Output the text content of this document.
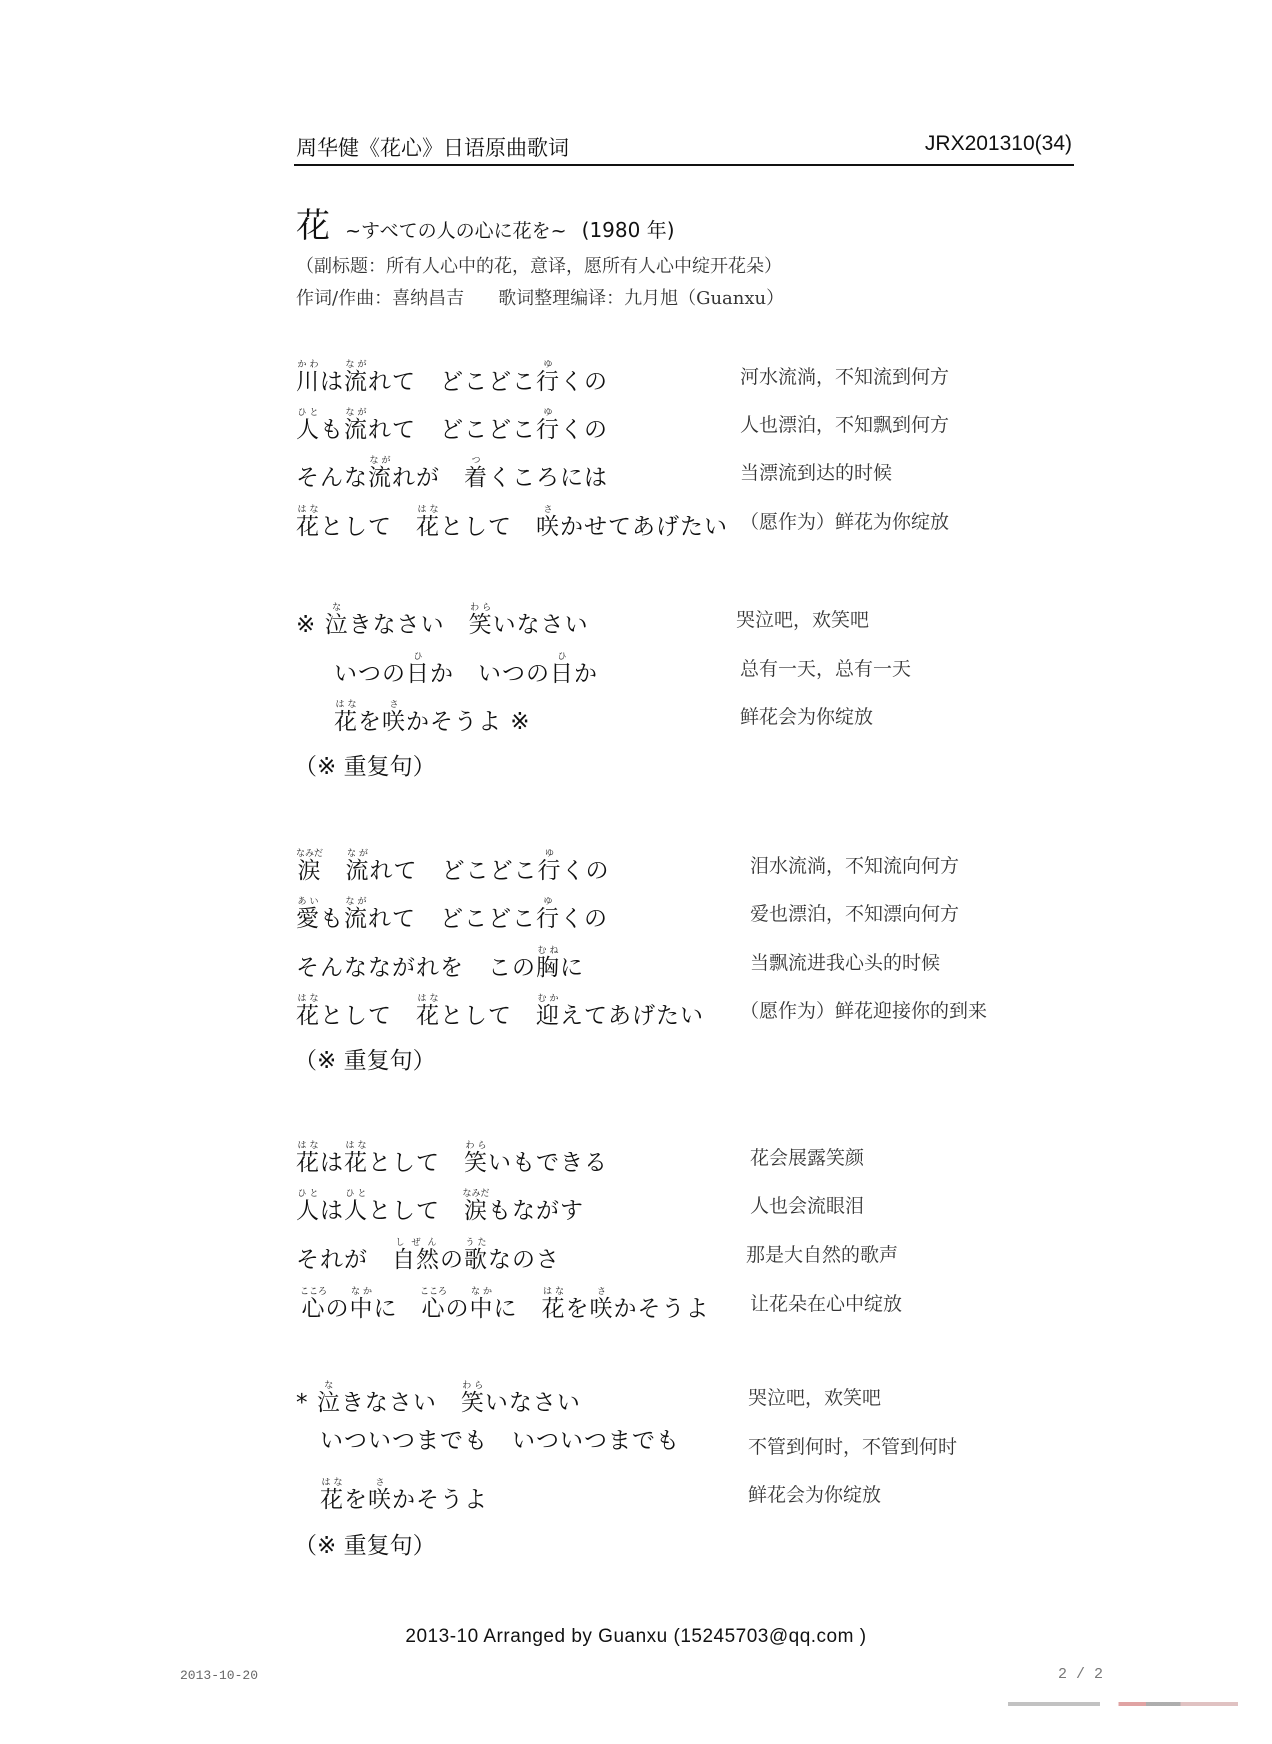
周华健《花心》日语原曲歌词	JRX201310(34)
花 ~すべての人の心に花を~ (1980 年)
（副标题：所有人心中的花，意译，愿所有人心中绽开花朵）
作词/作曲：喜纳昌吉 歌词整理编译：九月旭（Guanxu）
川かわは流ながれて　どこどこ行ゆくの
人ひとも流ながれて　どこどこ行ゆくの
そんな流ながれが　着つくころには
花はなとして　花はなとして　咲さかせてあげたい
河水流淌，不知流到何方
人也漂泊，不知飘到何方
当漂流到达的时候
（愿作为）鲜花为你绽放
※ 泣なきなさい　笑わらいなさい
いつの日ひか　いつの日ひか
花はなを咲さかそうよ ※
哭泣吧，欢笑吧
总有一天，总有一天
鲜花会为你绽放
（※ 重复句）
涙なみだ　流ながれて　どこどこ行ゆくの
愛あいも流ながれて　どこどこ行ゆくの
そんなながれを　この胸むねに
花はなとして　花はなとして　迎むかえてあげたい
泪水流淌，不知流向何方
爱也漂泊，不知漂向何方
当飘流进我心头的时候
（愿作为）鲜花迎接你的到来
（※ 重复句）
花はなは花はなとして　笑わらいもできる
人ひとは人ひととして　涙なみだもながす
それが　自然しぜんの歌うたなのさ
心こころの中なかに　心こころの中なかに　花はなを咲さかそうよ
花会展露笑颜
人也会流眼泪
那是大自然的歌声
让花朵在心中绽放
* 泣なきなさい　笑わらいなさい
いついつまでも　いついつまでも
花はなを咲さかそうよ
哭泣吧，欢笑吧
不管到何时，不管到何时
鲜花会为你绽放
（※ 重复句）
2013-10 Arranged by Guanxu (15245703@qq.com )
2013-10-20	2 / 2
